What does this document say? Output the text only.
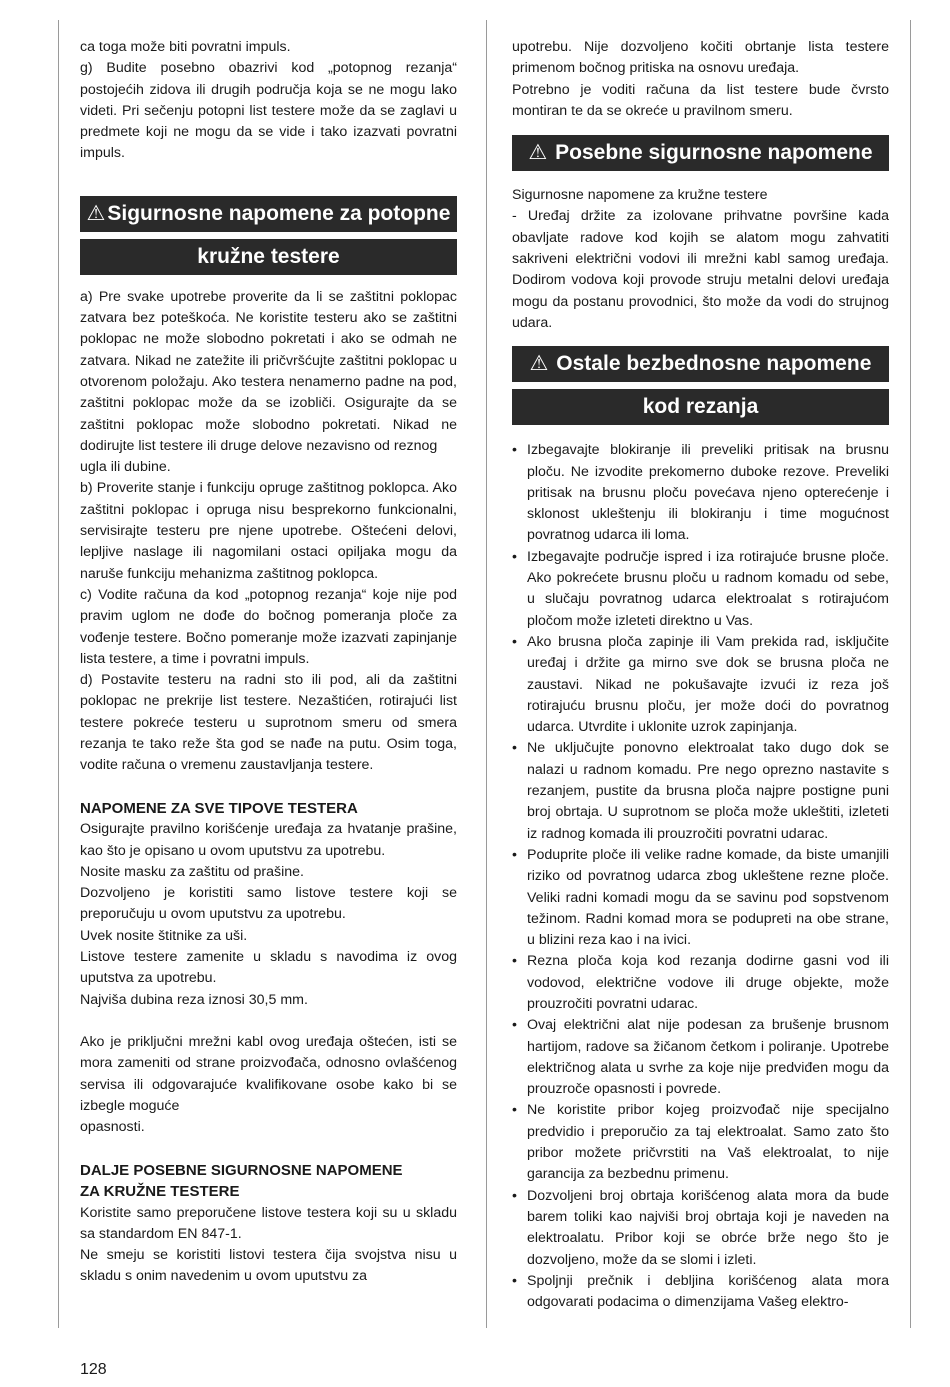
ca toga može biti povratni impuls.

g) Budite posebno obazrivi kod „potopnog rezanja“ postojećih zidova ili drugih područja koja se ne mogu lako videti. Pri sečenju potopni list testere može da se zaglavi u predmete koji ne mogu da se vide i tako izazvati povratni impuls.

⚠Sigurnosne napomene za potopne
kružne testere

a) Pre svake upotrebe proverite da li se zaštitni poklopac zatvara bez poteškoća. Ne koristite testeru ako se zaštitni poklopac ne može slobodno pokretati i ako se odmah ne zatvara. Nikad ne zatežite ili pričvršćujte zaštitni poklopac u otvorenom položaju. Ako testera nenamerno padne na pod, zaštitni poklopac može da se izobliči. Osigurajte da se zaštitni poklopac može slobodno pokretati. Nikad ne dodirujte list testere ili druge delove nezavisno od reznog

ugla ili dubine.

b) Proverite stanje i funkciju opruge zaštitnog poklopca. Ako zaštitni poklopac i opruga nisu besprekorno funkcionalni, servisirajte testeru pre njene upotrebe. Oštećeni delovi, lepljive naslage ili nagomilani ostaci opiljaka mogu da naruše funkciju mehanizma zaštitnog poklopca.

c) Vodite računa da kod „potopnog rezanja“ koje nije pod pravim uglom ne dođe do bočnog pomeranja ploče za vođenje testere. Bočno pomeranje može izazvati zapinjanje lista testere, a time i povratni impuls.

d) Postavite testeru na radni sto ili pod, ali da zaštitni poklopac ne prekrije list testere. Nezaštićen, rotirajući list testere pokreće testeru u suprotnom smeru od smera rezanja te tako reže šta god se nađe na putu. Osim toga, vodite računa o vremenu zaustavljanja testere.

NAPOMENE ZA SVE TIPOVE TESTERA

Osigurajte pravilno korišćenje uređaja za hvatanje prašine, kao što je opisano u ovom uputstvu za upotrebu.

Nosite masku za zaštitu od prašine.

Dozvoljeno je koristiti samo listove testere koji se preporučuju u ovom uputstvu za upotrebu.

Uvek nosite štitnike za uši.

Listove testere zamenite u skladu s navodima iz ovog uputstva za upotrebu.

Najviša dubina reza iznosi 30,5 mm.

Ako je priključni mrežni kabl ovog uređaja oštećen, isti se mora zameniti od strane proizvođača, odnosno ovlašćenog servisa ili odgovarajuće kvalifikovane osobe kako bi se izbegle moguće

opasnosti.

DALJE POSEBNE SIGURNOSNE NAPOMENE

ZA KRUŽNE TESTERE

Koristite samo preporučene listove testera koji su u skladu sa standardom EN 847-1.

Ne smeju se koristiti listovi testera čija svojstva nisu u skladu s onim navedenim u ovom uputstvu za

upotrebu. Nije dozvoljeno kočiti obrtanje lista testere primenom bočnog pritiska na osnovu uređaja.

Potrebno je voditi računa da list testere bude čvrsto montiran te da se okreće u pravilnom smeru.

⚠ Posebne sigurnosne napomene

Sigurnosne napomene za kružne testere

- Uređaj držite za izolovane prihvatne površine kada obavljate radove kod kojih se alatom mogu zahvatiti sakriveni električni vodovi ili mrežni kabl samog uređaja. Dodirom vodova koji provode struju metalni delovi uređaja mogu da postanu provodnici, što može da vodi do strujnog udara.

⚠ Ostale bezbednosne napomene
kod rezanja
• Izbegavajte blokiranje ili preveliki pritisak na brusnu ploču. Ne izvodite prekomerno duboke rezove. Preveliki pritisak na brusnu ploču povećava njeno opterećenje i sklonost ukleštenju ili blokiranju i time mogućnost povratnog udarca ili loma.
• Izbegavajte područje ispred i iza rotirajuće brusne ploče. Ako pokrećete brusnu ploču u radnom komadu od sebe, u slučaju povratnog udarca elektroalat s rotirajućom pločom može izleteti direktno u Vas.
• Ako brusna ploča zapinje ili Vam prekida rad, isključite uređaj i držite ga mirno sve dok se brusna ploča ne zaustavi. Nikad ne pokušavajte izvući iz reza još rotirajuću brusnu ploču, jer može doći do povratnog udarca. Utvrdite i uklonite uzrok zapinjanja.
• Ne uključujte ponovno elektroalat tako dugo dok se nalazi u radnom komadu. Pre nego oprezno nastavite s rezanjem, pustite da brusna ploča najpre postigne puni broj obrtaja. U suprotnom se ploča može ukleštiti, izleteti iz radnog komada ili prouzročiti povratni udarac.
• Poduprite ploče ili velike radne komade, da biste umanjili riziko od povratnog udarca zbog ukleštene rezne ploče. Veliki radni komadi mogu da se savinu pod sopstvenom težinom. Radni komad mora se poduprеti na obe strane, u blizini reza kao i na ivici.
• Rezna ploča koja kod rezanja dodirne gasni vod ili vodovod, električne vodove ili druge objekte, može prouzročiti povratni udarac.
• Ovaj električni alat nije podesan za brušenje brusnom hartijom, radove sa žičanom četkom i poliranje. Upotrebe električnog alata u svrhe za koje nije predviđen mogu da prouzroče opasnosti i povrede.
• Ne koristite pribor kojeg proizvođač nije specijalno predvidio i preporučio za taj elektroalat. Samo zato što pribor možete pričvrstiti na Vaš elektroalat, to nije garancija za bezbednu primenu.
• Dozvoljeni broj obrtaja korišćenog alata mora da bude barem toliki kao najviši broj obrtaja koji je naveden na elektroalatu. Pribor koji se obrće brže nego što je dozvoljeno, može da se slomi i izleti.
• Spoljnji prečnik i debljina korišćenog alata mora odgovarati podacima o dimenzijama Vašeg elektro-
128
